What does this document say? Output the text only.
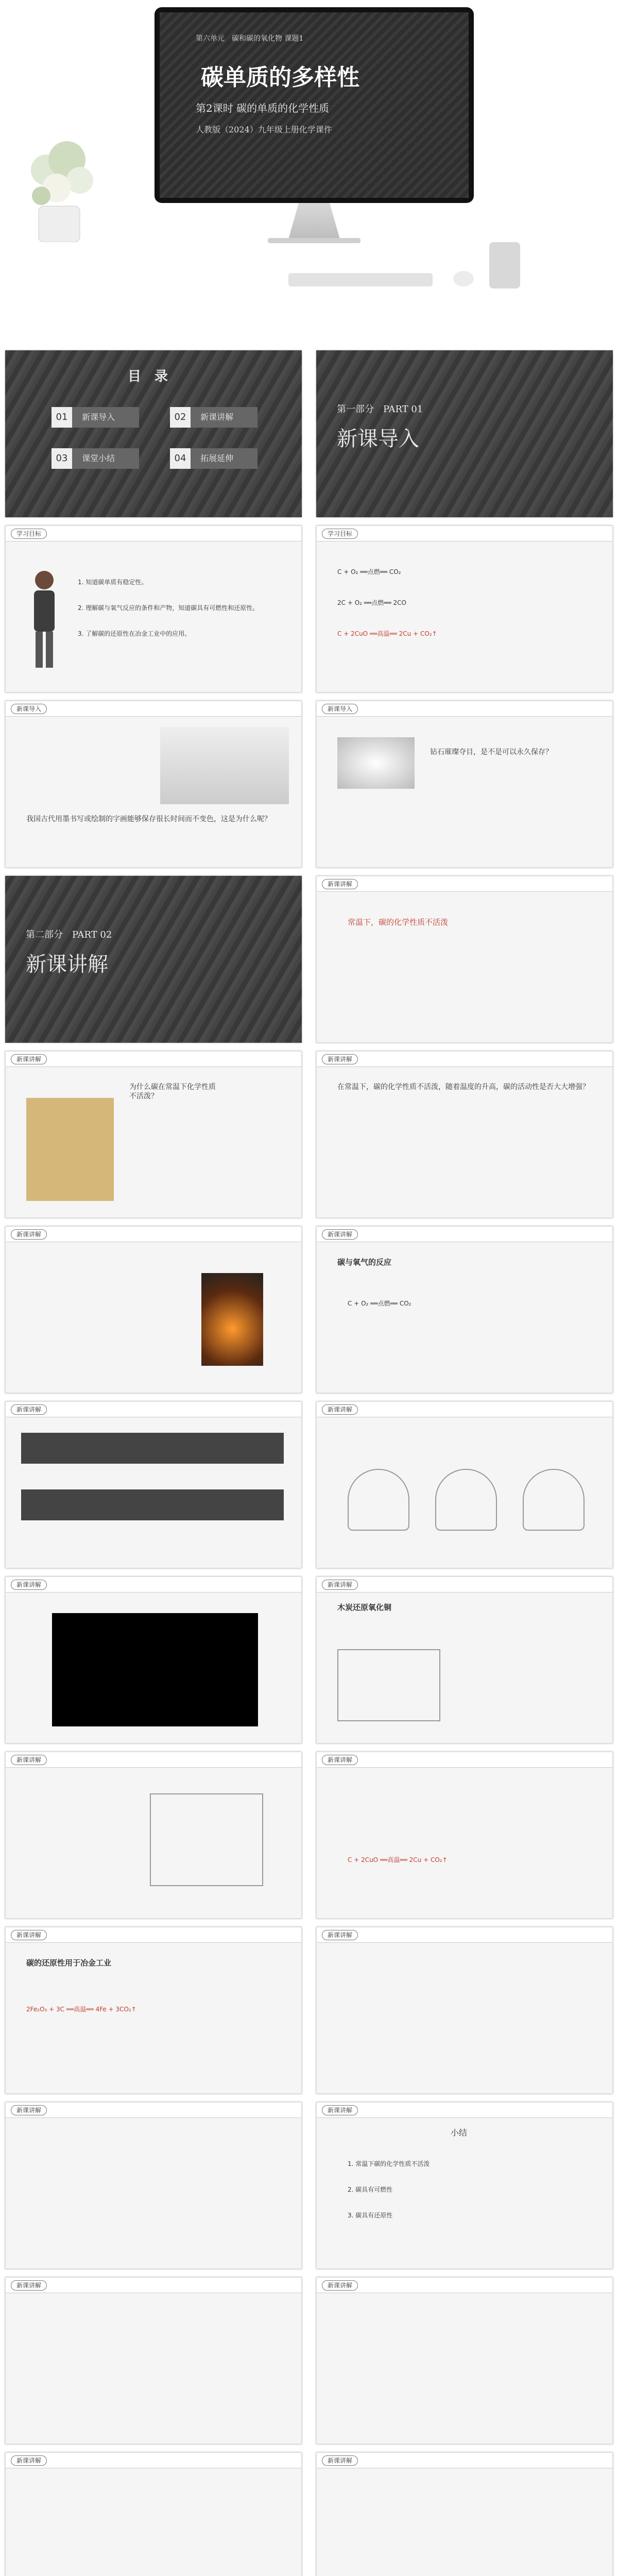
第六单元　碳和碳的氧化物 课题1
碳单质的多样性
第2课时 碳的单质的化学性质
人教版（2024）九年级上册化学课件
目　录
01 新课导入	02 新课讲解
03 课堂小结	04 拓展延伸
第一部分　PART 01
新课导入
学习目标
1. 知道碳单质有稳定性。
2. 理解碳与氧气反应的条件和产物，知道碳具有可燃性和还原性。
3. 了解碳的还原性在冶金工业中的应用。
学习目标
C + O₂ ══点燃══ CO₂
2C + O₂ ══点燃══ 2CO
C + 2CuO ══高温══ 2Cu + CO₂↑
新课导入
我国古代用墨书写或绘制的字画能够保存很长时间而不变色，这是为什么呢？
新课导入
钻石璀璨夺目，是不是可以永久保存？
第二部分　PART 02
新课讲解
新课讲解
常温下，碳的化学性质不活泼
新课讲解
为什么碳在常温下化学性质不活泼？
新课讲解
在常温下，碳的化学性质不活泼，随着温度的升高，碳的活动性是否大大增强？
新课讲解	新课讲解
碳与氧气的反应
C + O₂ ══点燃══ CO₂
新课讲解	新课讲解
新课讲解	新课讲解
木炭还原氧化铜
新课讲解	新课讲解
C + 2CuO ══高温══ 2Cu + CO₂↑
新课讲解
碳的还原性用于冶金工业
2Fe₂O₃ + 3C ══高温══ 4Fe + 3CO₂↑
新课讲解
新课讲解	新课讲解
小结
1. 常温下碳的化学性质不活泼
2. 碳具有可燃性
3. 碳具有还原性
新课讲解	新课讲解
新课讲解	新课讲解
